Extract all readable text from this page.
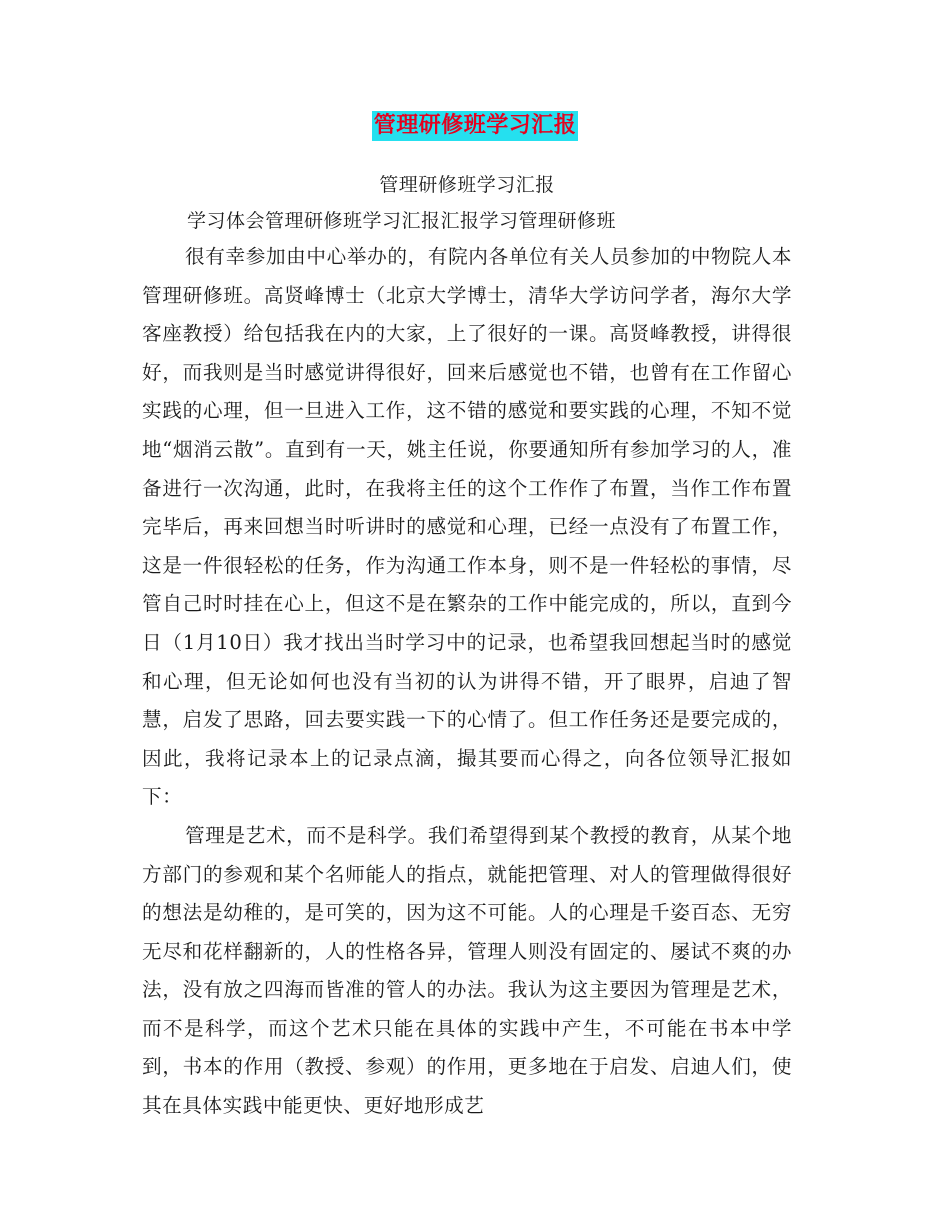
管理研修班学习汇报

管理研修班学习汇报

学习体会管理研修班学习汇报汇报学习管理研修班

很有幸参加由中心举办的，有院内各单位有关人员参加的中物院人本管理研修班。高贤峰博士（北京大学博士，清华大学访问学者，海尔大学客座教授）给包括我在内的大家，上了很好的一课。高贤峰教授，讲得很好，而我则是当时感觉讲得很好，回来后感觉也不错，也曾有在工作留心实践的心理，但一旦进入工作，这不错的感觉和要实践的心理，不知不觉地“烟消云散”。直到有一天，姚主任说，你要通知所有参加学习的人，准备进行一次沟通，此时，在我将主任的这个工作作了布置，当作工作布置完毕后，再来回想当时听讲时的感觉和心理，已经一点没有了布置工作，这是一件很轻松的任务，作为沟通工作本身，则不是一件轻松的事情，尽管自己时时挂在心上，但这不是在繁杂的工作中能完成的，所以，直到今日（1月10日）我才找出当时学习中的记录，也希望我回想起当时的感觉和心理，但无论如何也没有当初的认为讲得不错，开了眼界，启迪了智慧，启发了思路，回去要实践一下的心情了。但工作任务还是要完成的，因此，我将记录本上的记录点滴，撮其要而心得之，向各位领导汇报如下：

管理是艺术，而不是科学。我们希望得到某个教授的教育，从某个地方部门的参观和某个名师能人的指点，就能把管理、对人的管理做得很好的想法是幼稚的，是可笑的，因为这不可能。人的心理是千姿百态、无穷无尽和花样翻新的，人的性格各异，管理人则没有固定的、屡试不爽的办法，没有放之四海而皆准的管人的办法。我认为这主要因为管理是艺术，而不是科学，而这个艺术只能在具体的实践中产生，不可能在书本中学到，书本的作用（教授、参观）的作用，更多地在于启发、启迪人们，使其在具体实践中能更快、更好地形成艺
